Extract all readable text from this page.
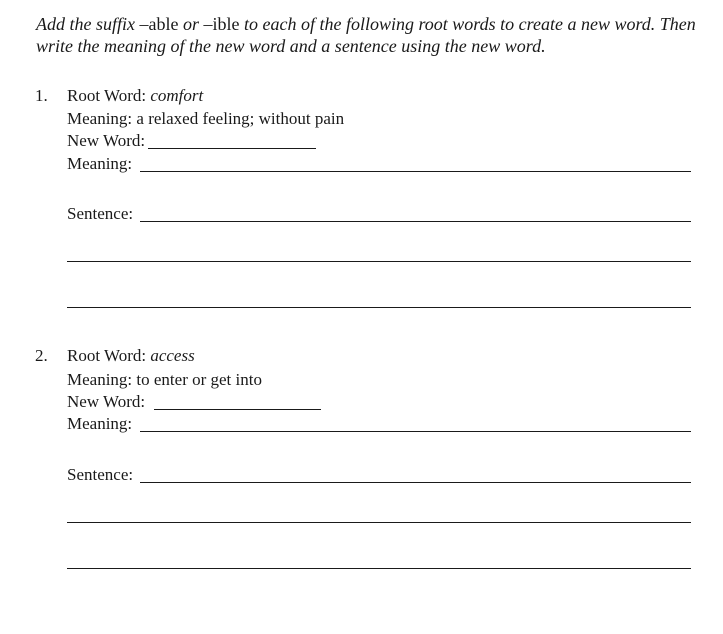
Add the suffix –able or –ible to each of the following root words to create a new word. Then write the meaning of the new word and a sentence using the new word.

1. Root Word: comfort
Meaning: a relaxed feeling; without pain
New Word:
Meaning:
Sentence:
2. Root Word: access
Meaning: to enter or get into
New Word:
Meaning:
Sentence:
